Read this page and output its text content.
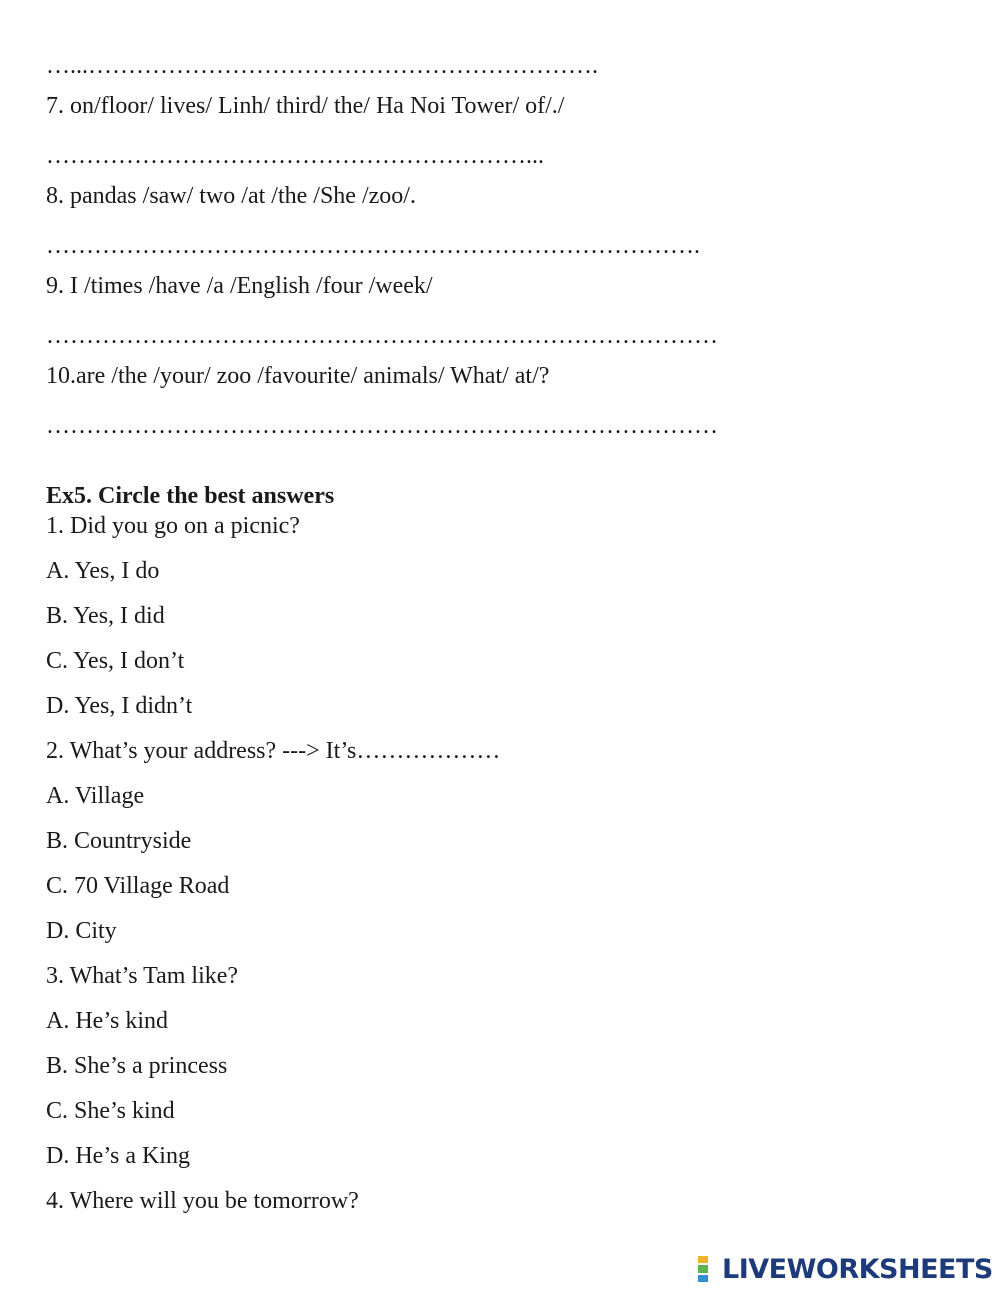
…...……………………………………………………….
7. on/floor/ lives/ Linh/ third/ the/ Ha Noi Tower/ of/./
……………………………………………………...
8. pandas /saw/ two /at /the /She /zoo/.
……………………………………………………………………….
9. I /times /have /a /English /four /week/
…………………………………………………………………………
10.are /the /your/ zoo /favourite/ animals/ What/ at/?
…………………………………………………………………………
Ex5. Circle the best answers
1. Did you go on a picnic?
A. Yes, I do
B. Yes, I did
C. Yes, I don’t
D. Yes, I didn’t
2. What’s your address? ---> It’s………………
A. Village
B. Countryside
C. 70 Village Road
D. City
3. What’s Tam like?
A. He’s kind
B. She’s a princess
C. She’s kind
D. He’s a King
4. Where will you be tomorrow?
LIVEWORKSHEETS
